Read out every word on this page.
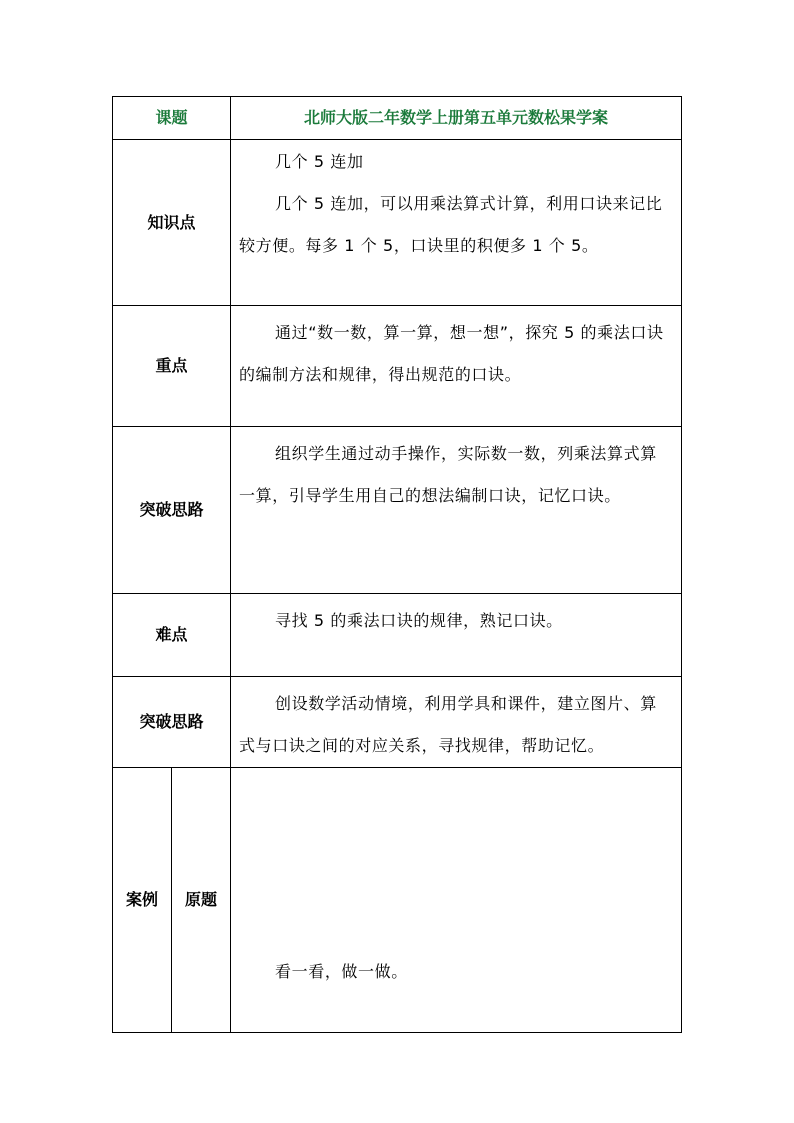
课题		北师大版二年数学上册第五单元数松果学案
知识点		几个 5 连加

几个 5 连加，可以用乘法算式计算，利用口诀来记比较方便。每多 1 个 5，口诀里的积便多 1 个 5。

重点		通过“数一数，算一算，想一想”，探究 5 的乘法口诀的编制方法和规律，得出规范的口诀。

突破思路		组织学生通过动手操作，实际数一数，列乘法算式算一算，引导学生用自己的想法编制口诀，记忆口诀。

难点		寻找 5 的乘法口诀的规律，熟记口诀。

突破思路		创设数学活动情境，利用学具和课件，建立图片、算式与口诀之间的对应关系，寻找规律，帮助记忆。

案例	原题	看一看，做一做。
